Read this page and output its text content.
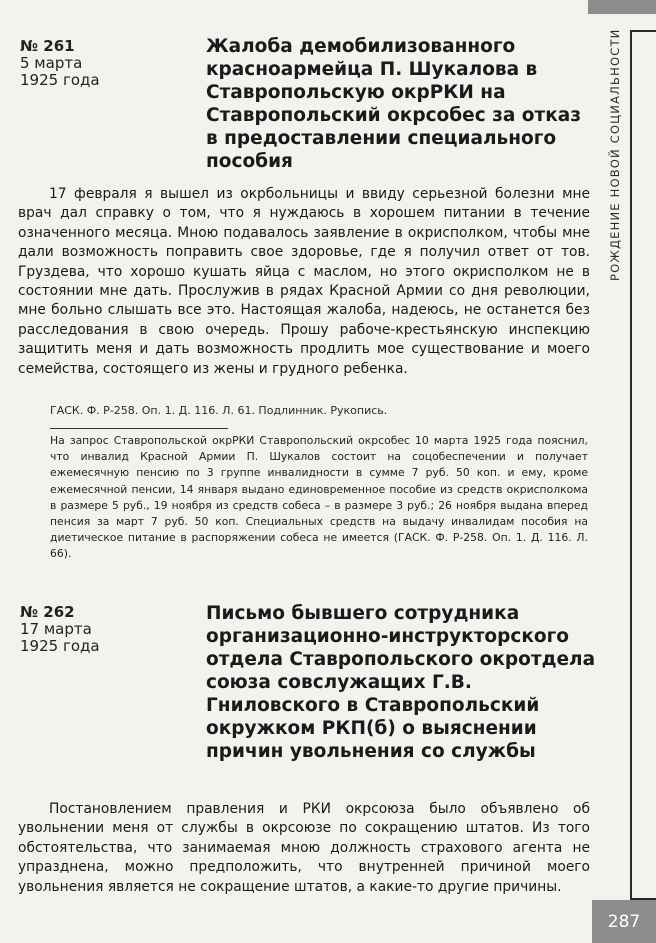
РОЖДЕНИЕ НОВОЙ СОЦИАЛЬНОСТИ
№ 261
5 марта
1925 года
Жалоба демобилизованного красноармейца П. Шукалова в Ставропольскую окрРКИ на Ставропольский окрсобес за отказ в предоставлении специального пособия

17 февраля я вышел из окрбольницы и ввиду серьезной болезни мне врач дал справку о том, что я нуждаюсь в хорошем питании в течение означенного месяца. Мною подавалось заявление в окрисполком, чтобы мне дали возможность поправить свое здоровье, где я получил ответ от тов. Груздева, что хорошо кушать яйца с маслом, но этого окрисполком не в состоянии мне дать. Прослужив в рядах Красной Армии со дня революции, мне больно слышать все это. Настоящая жалоба, надеюсь, не останется без расследования в свою очередь. Прошу рабоче-крестьянскую инспекцию защитить меня и дать возможность продлить мое существование и моего семейства, состоящего из жены и грудного ребенка.

ГАСК. Ф. Р-258. Оп. 1. Д. 116. Л. 61. Подлинник. Рукопись.
На запрос Ставропольской окрРКИ Ставропольский окрсобес 10 марта 1925 года пояснил, что инвалид Красной Армии П. Шукалов состоит на соцобеспечении и получает ежемесячную пенсию по 3 группе инвалидности в сумме 7 руб. 50 коп. и ему, кроме ежемесячной пенсии, 14 января выдано единовременное пособие из средств окрисполкома в размере 5 руб., 19 ноября из средств собеса – в размере 3 руб.; 26 ноября выдана вперед пенсия за март 7 руб. 50 коп. Специальных средств на выдачу инвалидам пособия на диетическое питание в распоряжении собеса не имеется (ГАСК. Ф. Р-258. Оп. 1. Д. 116. Л. 66).
№ 262
17 марта
1925 года
Письмо бывшего сотрудника организационно-инструкторского отдела Ставропольского окротдела союза совслужащих Г.В. Гниловского в Ставропольский окружком РКП(б) о выяснении причин увольнения со службы

Постановлением правления и РКИ окрсоюза было объявлено об увольнении меня от службы в окрсоюзе по сокращению штатов. Из того обстоятельства, что занимаемая мною должность страхового агента не упразднена, можно предположить, что внутренней причиной моего увольнения является не сокращение штатов, а какие-то другие причины.

287
